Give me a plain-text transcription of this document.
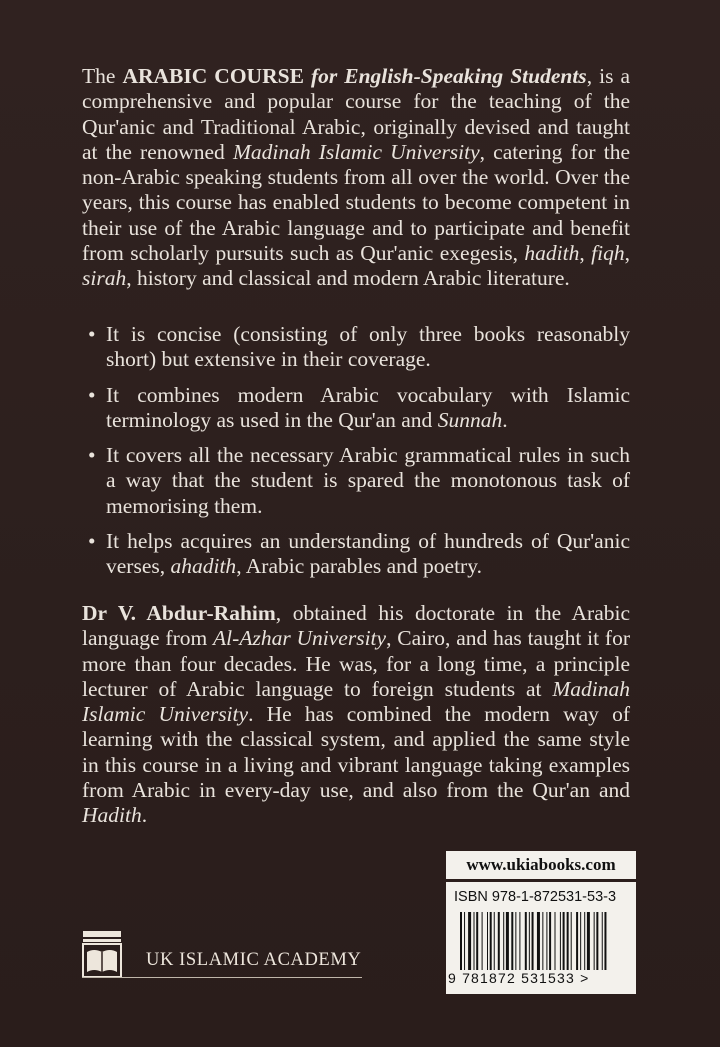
The ARABIC COURSE for English-Speaking Students, is a comprehensive and popular course for the teaching of the Qur'anic and Traditional Arabic, originally devised and taught at the renowned Madinah Islamic University, catering for the non-Arabic speaking students from all over the world. Over the years, this course has enabled students to become competent in their use of the Arabic language and to participate and benefit from scholarly pursuits such as Qur'anic exegesis, hadith, fiqh, sirah, history and classical and modern Arabic literature.

• It is concise (consisting of only three books reasonably short) but extensive in their coverage.
• It combines modern Arabic vocabulary with Islamic terminology as used in the Qur'an and Sunnah.
• It covers all the necessary Arabic grammatical rules in such a way that the student is spared the monotonous task of memorising them.
• It helps acquires an understanding of hundreds of Qur'anic verses, ahadith, Arabic parables and poetry.

Dr V. Abdur-Rahim, obtained his doctorate in the Arabic language from Al-Azhar University, Cairo, and has taught it for more than four decades. He was, for a long time, a principle lecturer of Arabic language to foreign students at Madinah Islamic University. He has combined the modern way of learning with the classical system, and applied the same style in this course in a living and vibrant language taking examples from Arabic in every-day use, and also from the Qur'an and Hadith.

www.ukiabooks.com
ISBN 978-1-872531-53-3
9 781872 531533 >
UK ISLAMIC ACADEMY
